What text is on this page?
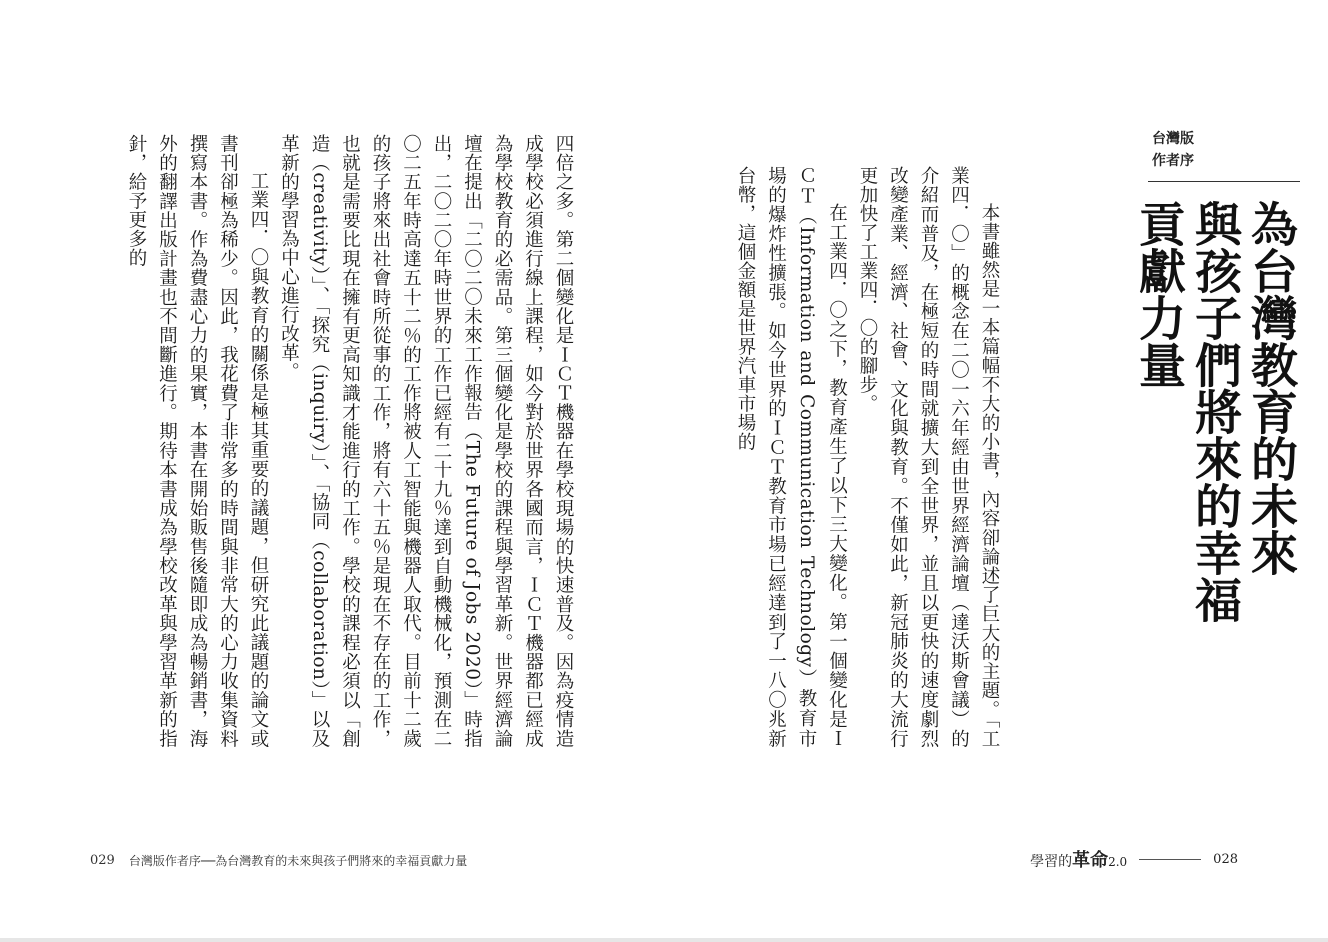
台灣版
作者序
為台灣教育的未來
與孩子們將來的幸福貢獻力量

本書雖然是一本篇幅不大的小書，內容卻論述了巨大的主題。「工業四．〇」的概念在二〇一六年經由世界經濟論壇（達沃斯會議）的介紹而普及，在極短的時間就擴大到全世界，並且以更快的速度劇烈改變產業、經濟、社會、文化與教育。不僅如此，新冠肺炎的大流行更加快了工業四．〇的腳步。

在工業四．〇之下，教育產生了以下三大變化。第一個變化是ＩＣＴ（Information and Communication Technology）教育市場的爆炸性擴張。如今世界的ＩＣＴ教育市場已經達到了一八〇兆新台幣，這個金額是世界汽車市場的

四倍之多。第二個變化是ＩＣＴ機器在學校現場的快速普及。因為疫情造成學校必須進行線上課程，如今對於世界各國而言，ＩＣＴ機器都已經成為學校教育的必需品。第三個變化是學校的課程與學習革新。世界經濟論壇在提出「二〇二〇未來工作報告（The Future of Jobs 2020）」時指出，二〇二〇年時世界的工作已經有二十九％達到自動機械化，預測在二〇二五年時高達五十二％的工作將被人工智能與機器人取代。目前十二歲的孩子將來出社會時所從事的工作，將有六十五％是現在不存在的工作，也就是需要比現在擁有更高知識才能進行的工作。學校的課程必須以「創造（creativity）」、「探究（inquiry）」、「協同（collaboration）」以及革新的學習為中心進行改革。

工業四．〇與教育的關係是極其重要的議題，但研究此議題的論文或書刊卻極為稀少。因此，我花費了非常多的時間與非常大的心力收集資料撰寫本書。作為費盡心力的果實，本書在開始販售後隨即成為暢銷書，海外的翻譯出版計畫也不間斷進行。期待本書成為學校改革與學習革新的指針，給予更多的

029 台灣版作者序──為台灣教育的未來與孩子們將來的幸福貢獻力量	學習的革命2.0	028
